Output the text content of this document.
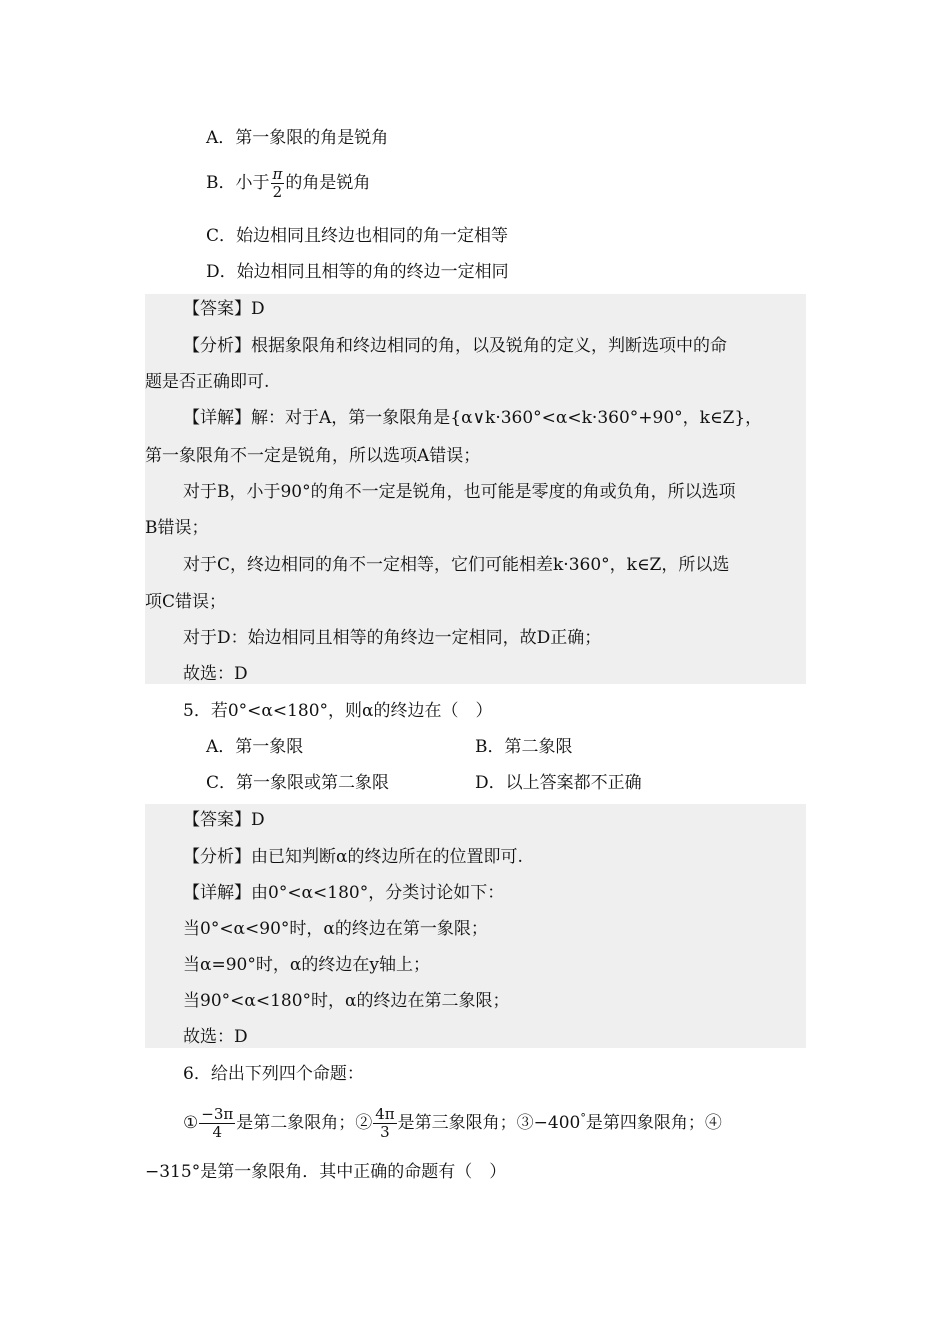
A．第一象限的角是锐角
B．小于 $\frac{\pi}{2}$ 的角是锐角
C．始边相同且终边也相同的角一定相等
D．始边相同且相等的角的终边一定相同
【答案】D
【分析】根据象限角和终边相同的角，以及锐角的定义，判断选项中的命
题是否正确即可.
【详解】解：对于A，第一象限角是{α∨k·360°<α<k·360°+90°，k∈Z}，
第一象限角不一定是锐角，所以选项A错误；
对于B，小于90°的角不一定是锐角，也可能是零度的角或负角，所以选项
B错误；
对于C，终边相同的角不一定相等，它们可能相差k·360°，k∈Z，所以选
项C错误；
对于D：始边相同且相等的角终边一定相同，故D正确；
故选：D
5．若0°<α<180°，则α的终边在（　）
A．第一象限	B．第二象限
C．第一象限或第二象限	D．以上答案都不正确
【答案】D
【分析】由已知判断α的终边所在的位置即可.
【详解】由0°<α<180°，分类讨论如下：
当0°<α<90°时，α的终边在第一象限；
当α=90°时，α的终边在y轴上；
当90°<α<180°时，α的终边在第二象限；
故选：D
6．给出下列四个命题：
① $\frac{-3\pi}{4}$ 是第二象限角；② $\frac{4\pi}{3}$ 是第三象限角；③−400°是第四象限角；④
−315°是第一象限角．其中正确的命题有（　）
